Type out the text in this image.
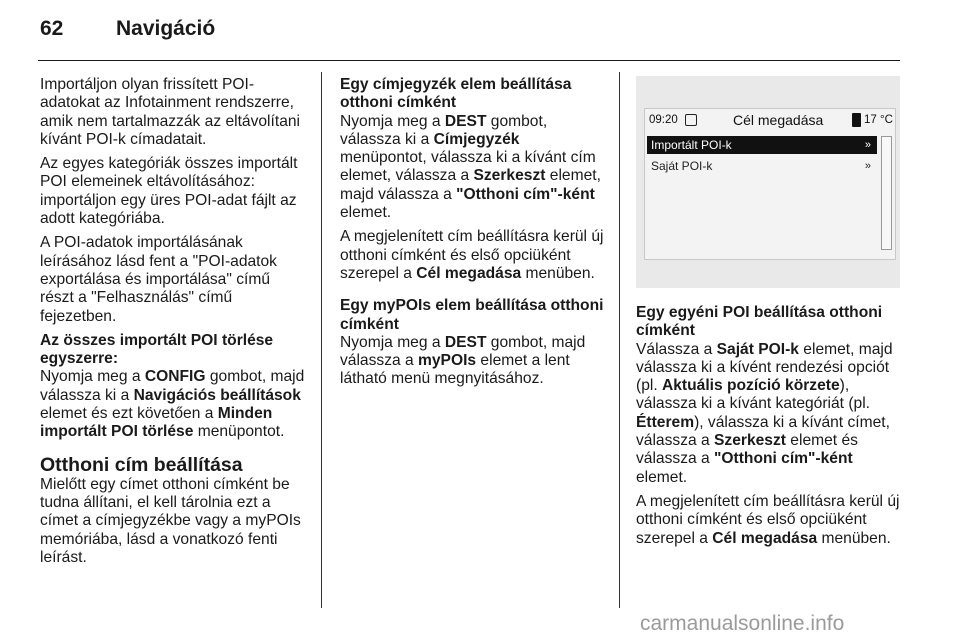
62	Navigáció

Importáljon olyan frissített POI-adatokat az Infotainment rendszerre, amik nem tartalmazzák az eltávolítani kívánt POI-k címadatait.

Az egyes kategóriák összes importált POI elemeinek eltávolításához: importáljon egy üres POI-adat fájlt az adott kategóriába.

A POI-adatok importálásának leírásához lásd fent a "POI-adatok exportálása és importálása" című részt a "Felhasználás" című fejezetben.

Az összes importált POI törlése egyszerre:

Nyomja meg a CONFIG gombot, majd válassza ki a Navigációs beállítások elemet és ezt követően a Minden importált POI törlése menüpontot.

Otthoni cím beállítása

Mielőtt egy címet otthoni címként be tudna állítani, el kell tárolnia ezt a címet a címjegyzékbe vagy a myPOIs memóriába, lásd a vonatkozó fenti leírást.

Egy címjegyzék elem beállítása otthoni címként

Nyomja meg a DEST gombot, válassza ki a Címjegyzék menüpontot, válassza ki a kívánt cím elemet, válassza a Szerkeszt elemet, majd válassza a "Otthoni cím"-ként elemet.

A megjelenített cím beállításra kerül új otthoni címként és első opciüként szerepel a Cél megadása menüben.

Egy myPOIs elem beállítása otthoni címként

Nyomja meg a DEST gombot, majd válassza a myPOIs elemet a lent látható menü megnyitásához.

09:20	Cél megadása	17 °C
Importált POI-k	»
Saját POI-k	»
Egy egyéni POI beállítása otthoni címként

Válassza a Saját POI-k elemet, majd válassza ki a kívént rendezési opciót (pl. Aktuális pozíció körzete), válassza ki a kívánt kategóriát (pl. Étterem), válassza ki a kívánt címet, válassza a Szerkeszt elemet és válassza a "Otthoni cím"-ként elemet.

A megjelenített cím beállításra kerül új otthoni címként és első opciüként szerepel a Cél megadása menüben.

carmanualsonline.info
